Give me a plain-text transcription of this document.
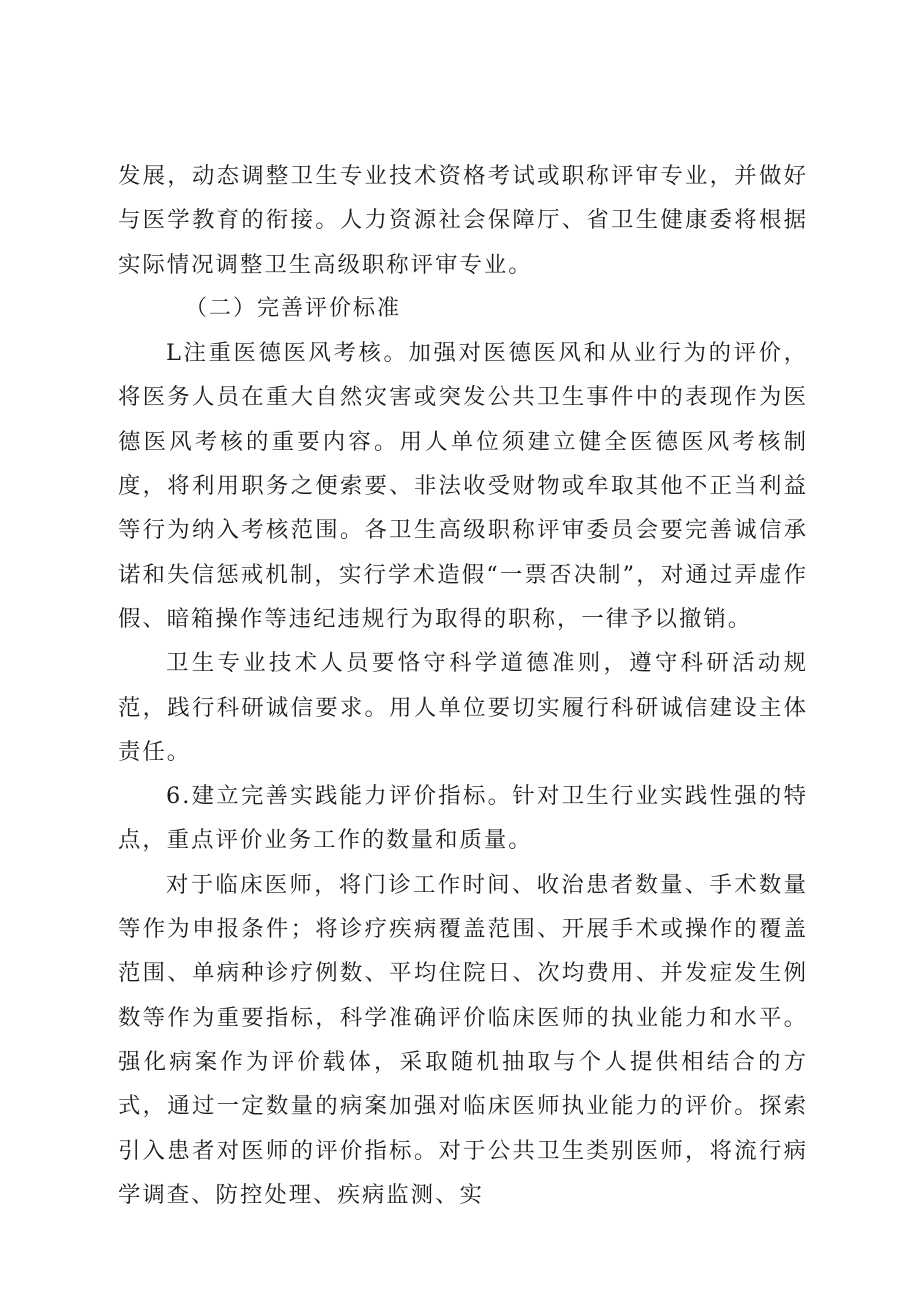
发展，动态调整卫生专业技术资格考试或职称评审专业，并做好与医学教育的衔接。人力资源社会保障厅、省卫生健康委将根据实际情况调整卫生高级职称评审专业。

（二）完善评价标准

L注重医德医风考核。加强对医德医风和从业行为的评价，将医务人员在重大自然灾害或突发公共卫生事件中的表现作为医德医风考核的重要内容。用人单位须建立健全医德医风考核制度，将利用职务之便索要、非法收受财物或牟取其他不正当利益等行为纳入考核范围。各卫生高级职称评审委员会要完善诚信承诺和失信惩戒机制，实行学术造假“一票否决制”，对通过弄虚作假、暗箱操作等违纪违规行为取得的职称，一律予以撤销。

卫生专业技术人员要恪守科学道德准则，遵守科研活动规范，践行科研诚信要求。用人单位要切实履行科研诚信建设主体责任。

6.建立完善实践能力评价指标。针对卫生行业实践性强的特点，重点评价业务工作的数量和质量。

对于临床医师，将门诊工作时间、收治患者数量、手术数量等作为申报条件；将诊疗疾病覆盖范围、开展手术或操作的覆盖范围、单病种诊疗例数、平均住院日、次均费用、并发症发生例数等作为重要指标，科学准确评价临床医师的执业能力和水平。强化病案作为评价载体，采取随机抽取与个人提供相结合的方式，通过一定数量的病案加强对临床医师执业能力的评价。探索引入患者对医师的评价指标。对于公共卫生类别医师，将流行病学调查、防控处理、疾病监测、实
